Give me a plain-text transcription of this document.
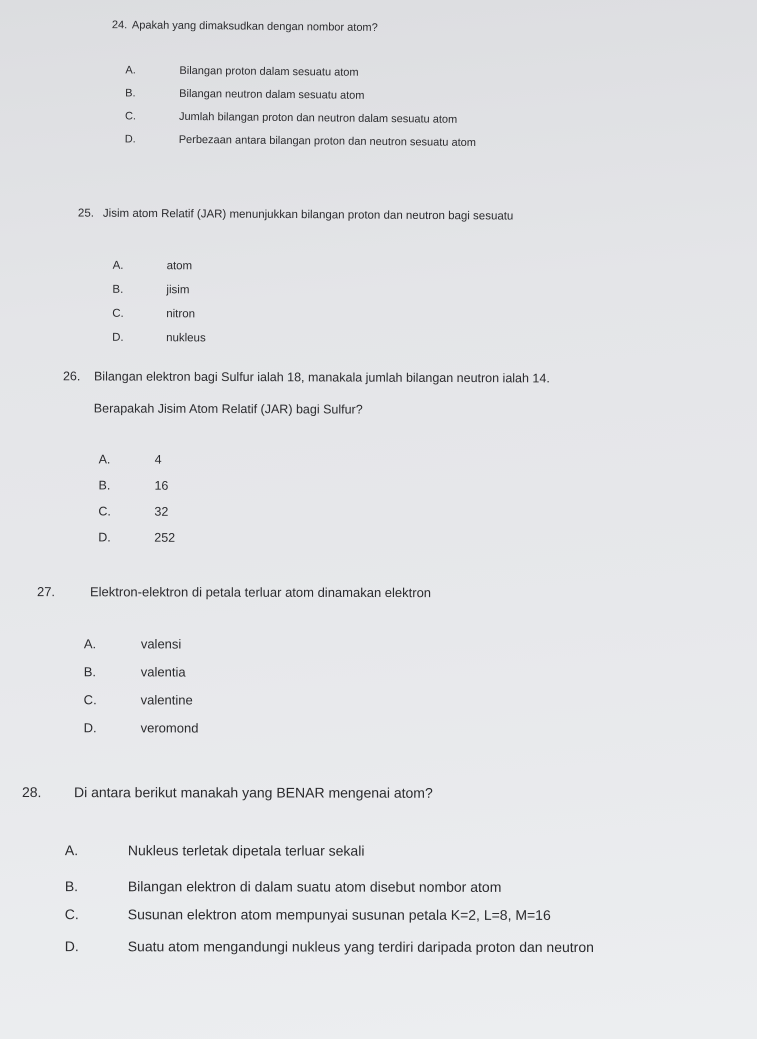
24. Apakah yang dimaksudkan dengan nombor atom?
A.	Bilangan proton dalam sesuatu atom
B.	Bilangan neutron dalam sesuatu atom
C.	Jumlah bilangan proton dan neutron dalam sesuatu atom
D.	Perbezaan antara bilangan proton dan neutron sesuatu atom
25. Jisim atom Relatif (JAR) menunjukkan bilangan proton dan neutron bagi sesuatu
A.	atom
B.	jisim
C.	nitron
D.	nukleus
26. Bilangan elektron bagi Sulfur ialah 18, manakala jumlah bilangan neutron ialah 14.
Berapakah Jisim Atom Relatif (JAR) bagi Sulfur?
A.	4
B.	16
C.	32
D.	252
27.	Elektron-elektron di petala terluar atom dinamakan elektron
A.	valensi
B.	valentia
C.	valentine
D.	veromond
28. Di antara berikut manakah yang BENAR mengenai atom?
A.	Nukleus terletak dipetala terluar sekali
B.	Bilangan elektron di dalam suatu atom disebut nombor atom
C.	Susunan elektron atom mempunyai susunan petala K=2, L=8, M=16
D.	Suatu atom mengandungi nukleus yang terdiri daripada proton dan neutron
